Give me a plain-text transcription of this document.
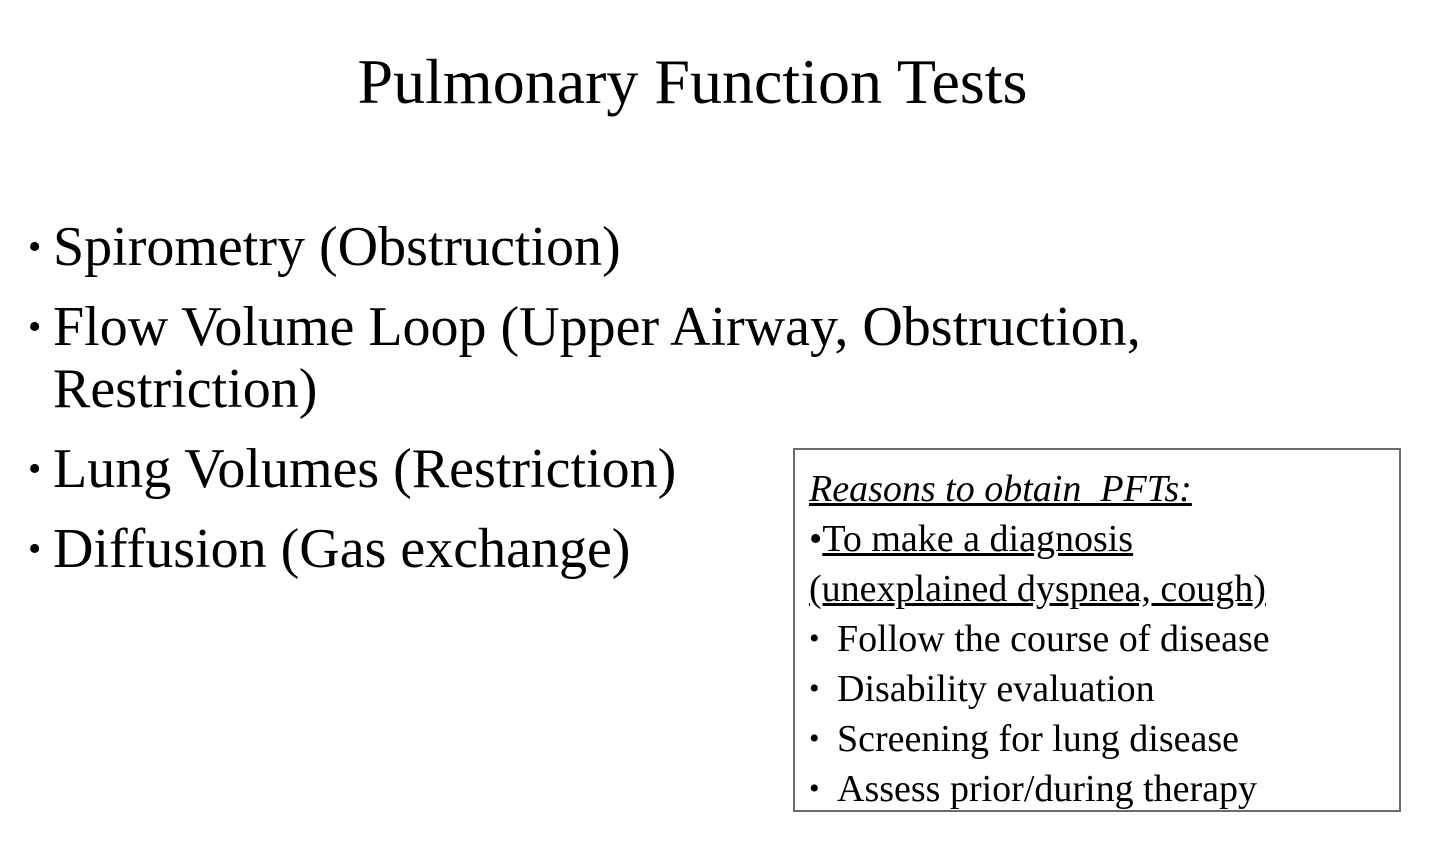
Pulmonary Function Tests
• Spirometry (Obstruction)
• Flow Volume Loop (Upper Airway, Obstruction, Restriction)
• Lung Volumes (Restriction)
• Diffusion (Gas exchange)

Reasons to obtain  PFTs:

•To make a diagnosis
(unexplained dyspnea, cough)

• Follow the course of disease
• Disability evaluation
• Screening for lung disease
• Assess prior/during therapy
